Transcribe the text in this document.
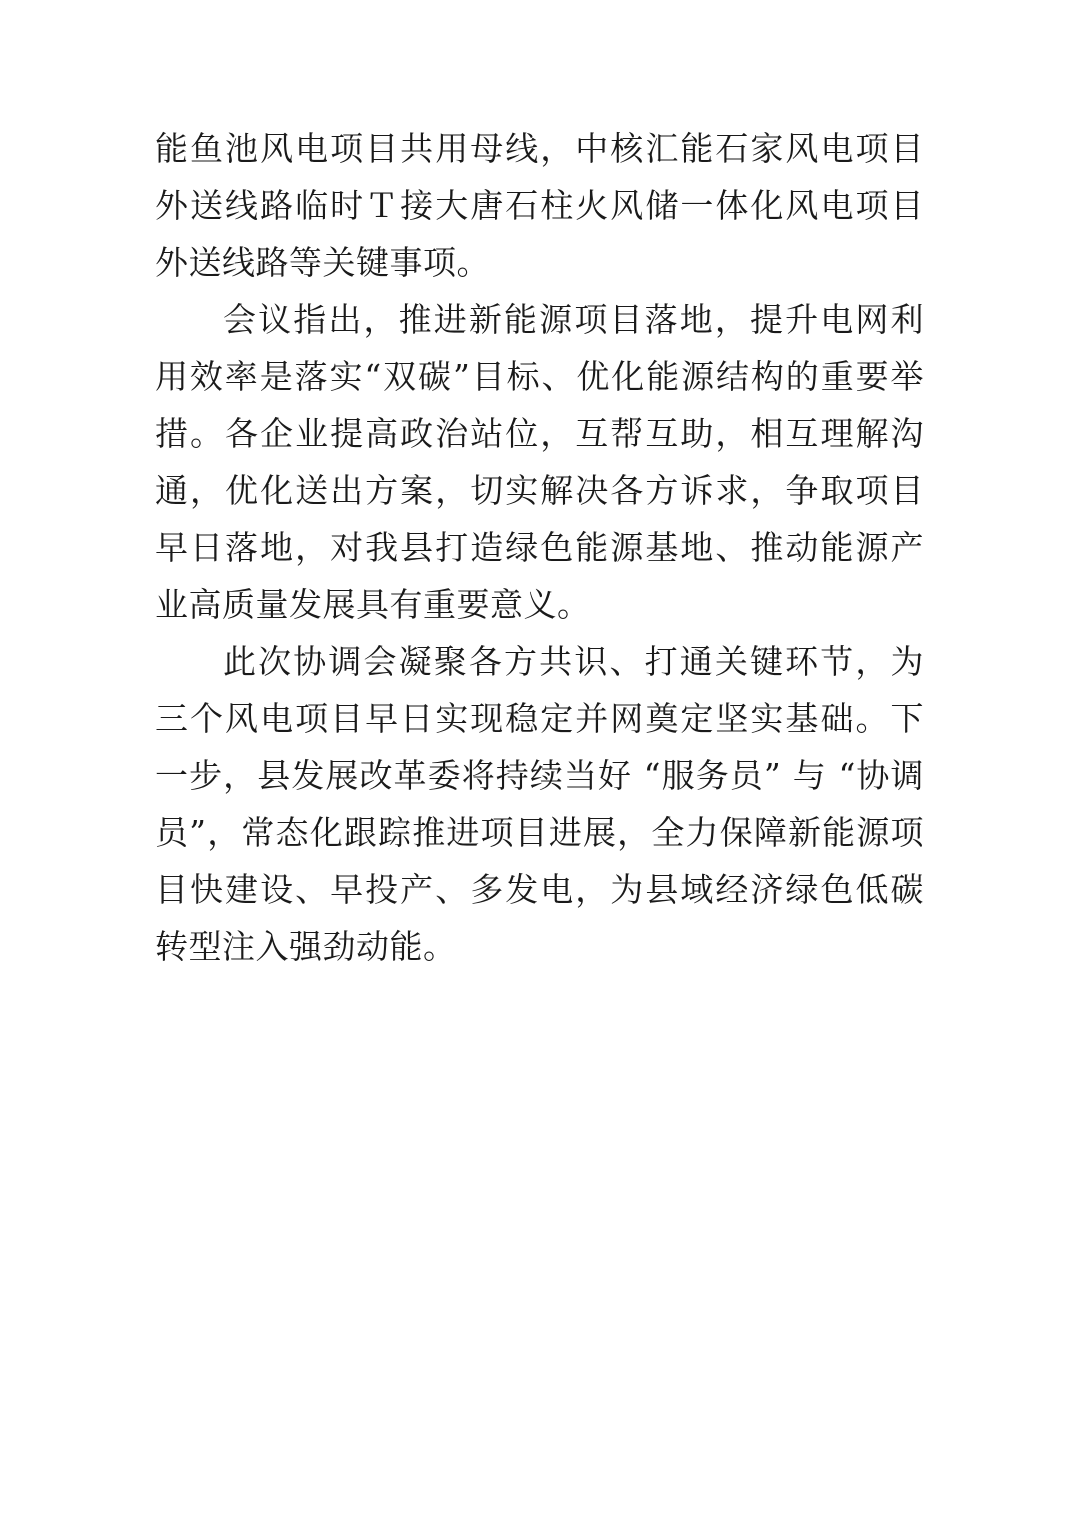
能鱼池风电项目共用母线，中核汇能石家风电项目外送线路临时Ｔ接大唐石柱火风储一体化风电项目外送线路等关键事项。

会议指出，推进新能源项目落地，提升电网利用效率是落实“双碳”目标、优化能源结构的重要举措。各企业提高政治站位，互帮互助，相互理解沟通，优化送出方案，切实解决各方诉求，争取项目早日落地，对我县打造绿色能源基地、推动能源产业高质量发展具有重要意义。

此次协调会凝聚各方共识、打通关键环节，为三个风电项目早日实现稳定并网奠定坚实基础。下一步，县发展改革委将持续当好 “服务员” 与 “协调员”，常态化跟踪推进项目进展，全力保障新能源项目快建设、早投产、多发电，为县域经济绿色低碳转型注入强劲动能。
